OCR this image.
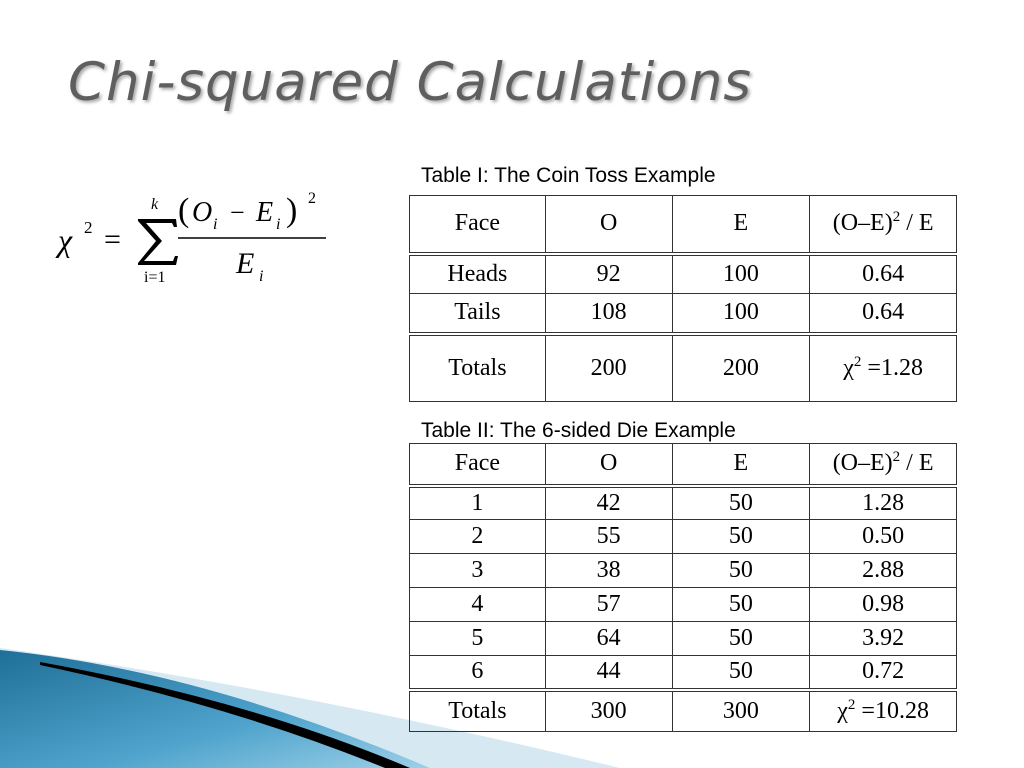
Chi-squared Calculations
χ 2 =
k
i=1
( O i − E i ) 2
E i
Table I: The Coin Toss Example
Face	O	E	$(O-E)^2$ / E
Heads	92	100	0.64
Tails	108	100	0.64
Totals	200	200	$\chi^2 =1.28$
Table II: The 6-sided Die Example
Face	O	E	$(O-E)^2$ / E
1	42	50	1.28
2	55	50	0.50
3	38	50	2.88
4	57	50	0.98
5	64	50	3.92
6	44	50	0.72
Totals	300	300	$\chi^2 =10.28$
